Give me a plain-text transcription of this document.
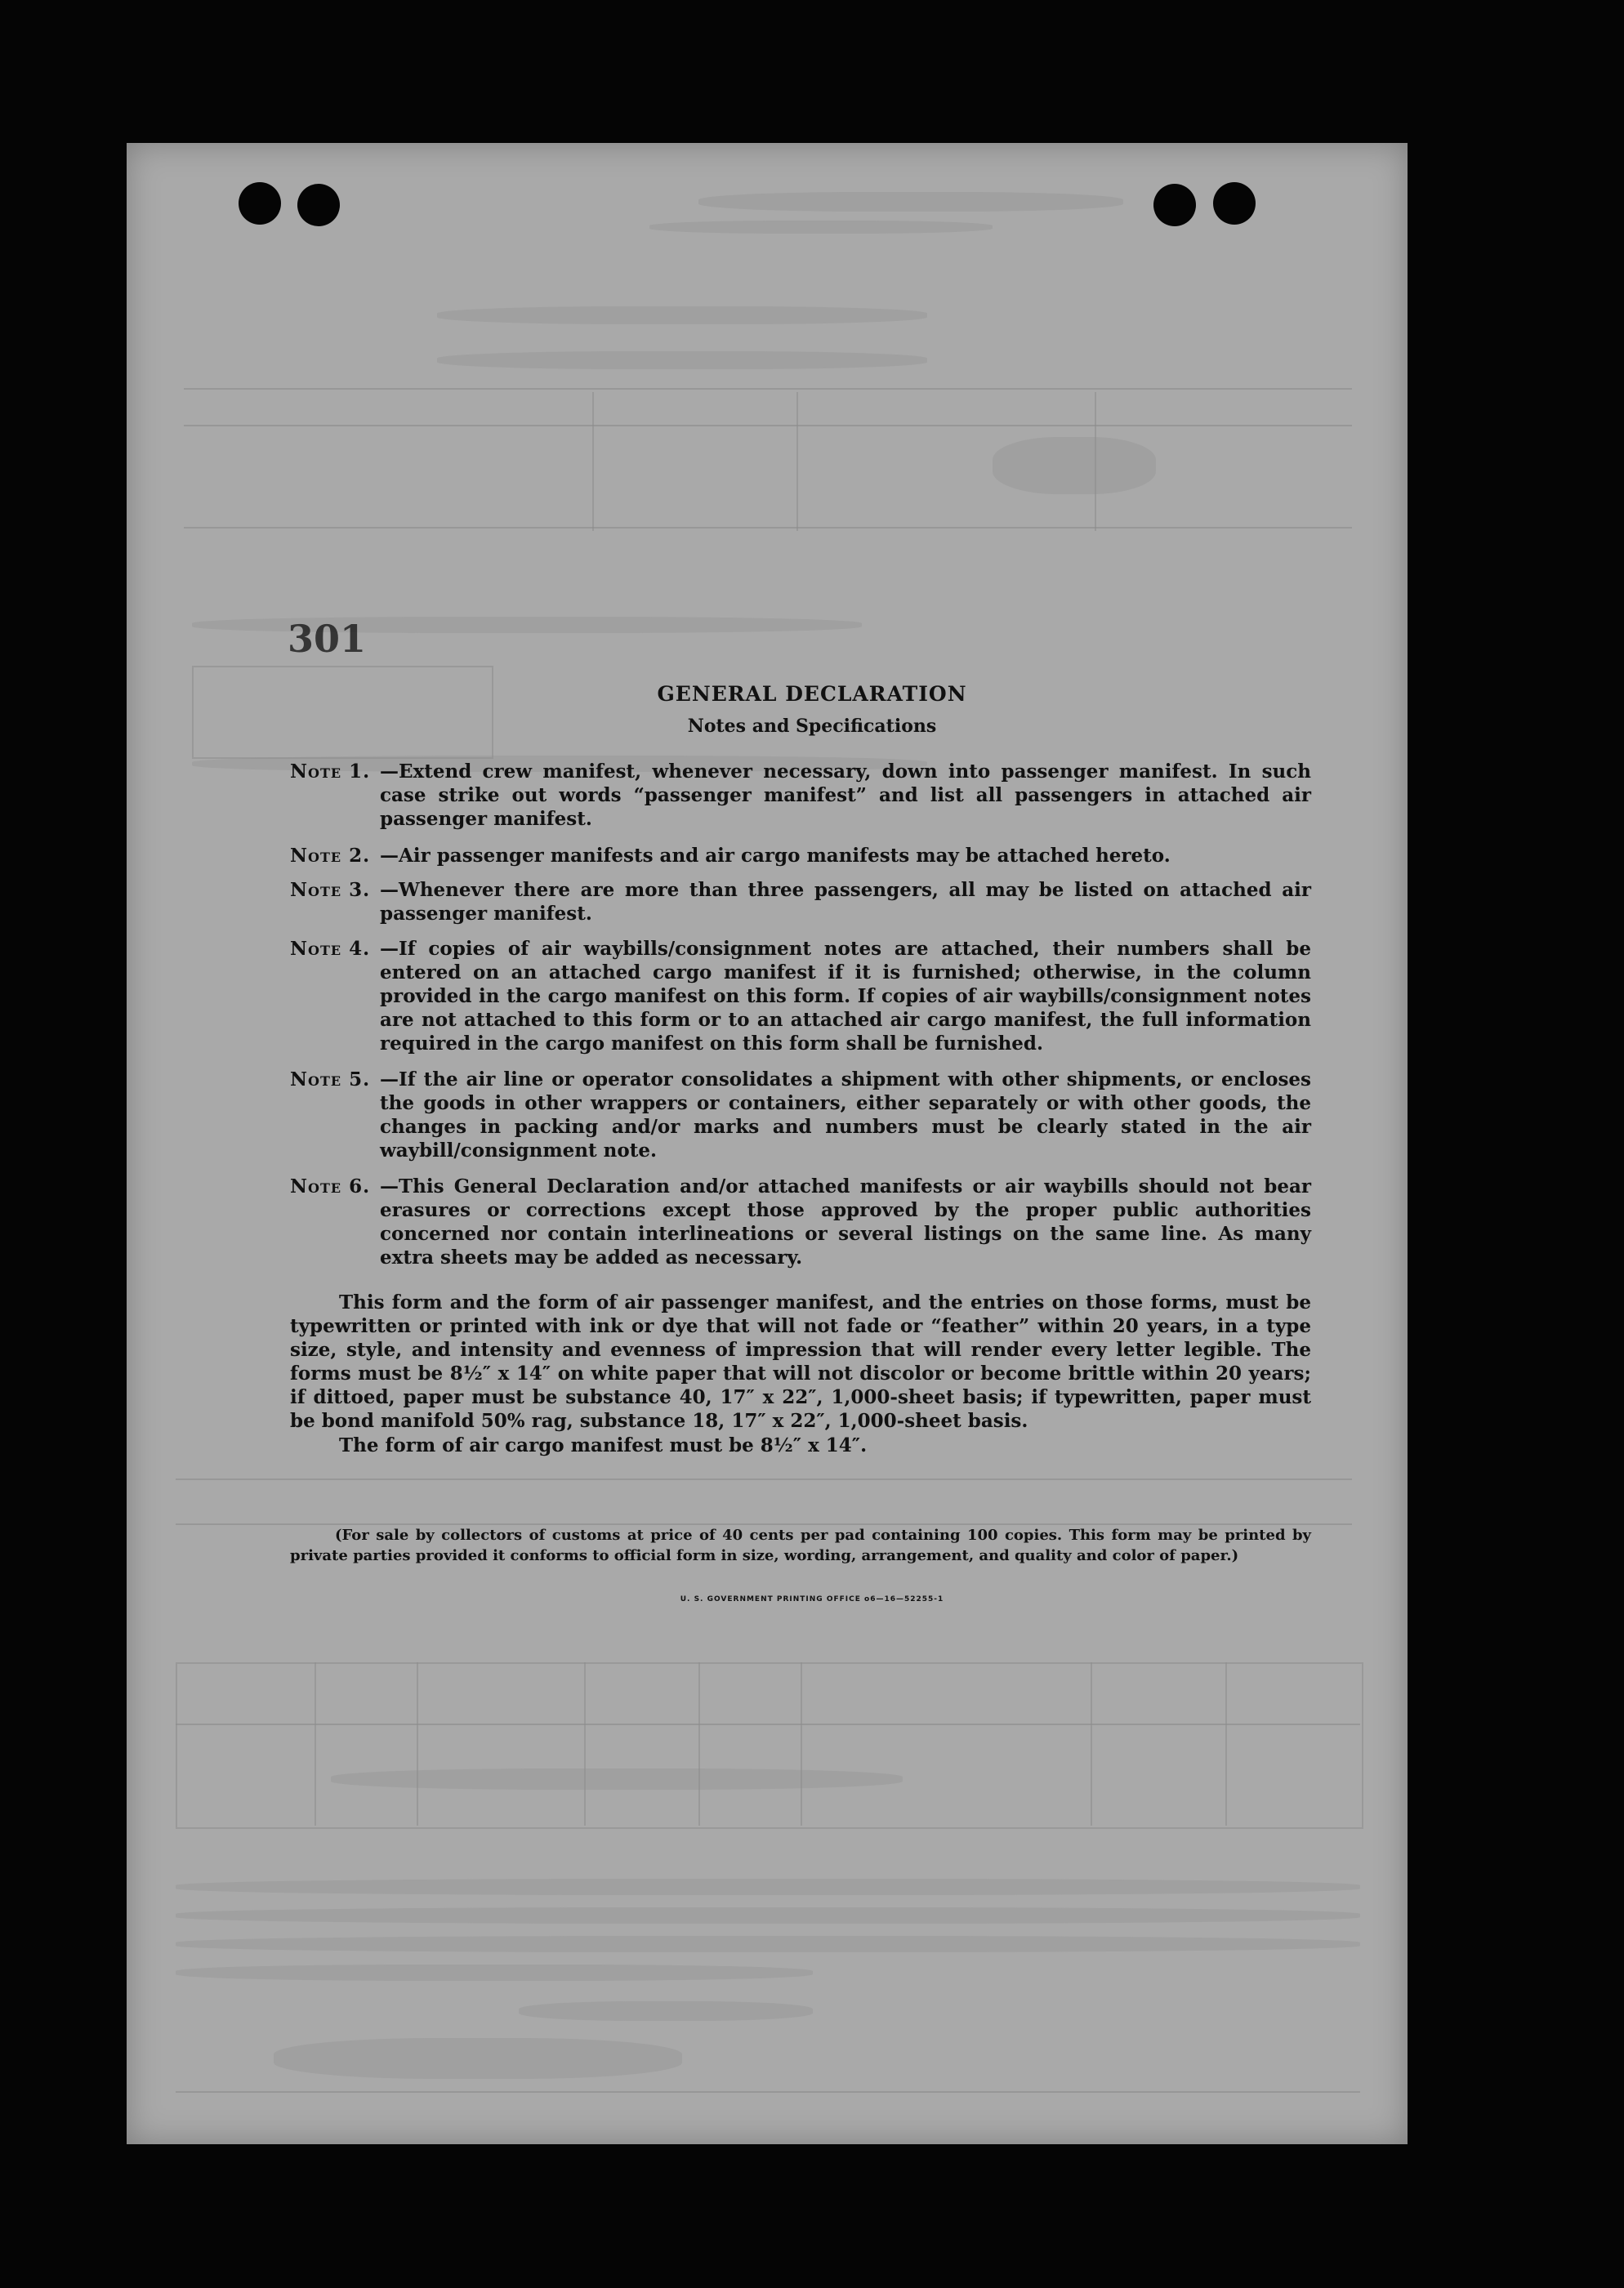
301
GENERAL DECLARATION
Notes and Specifications
Note 1. —Extend crew manifest, whenever necessary, down into passenger manifest. In such case strike out words “passenger manifest” and list all passengers in attached air passenger manifest.
Note 2. —Air passenger manifests and air cargo manifests may be attached hereto.
Note 3. —Whenever there are more than three passengers, all may be listed on attached air passenger manifest.
Note 4. —If copies of air waybills/consignment notes are attached, their numbers shall be entered on an attached cargo manifest if it is furnished; otherwise, in the column provided in the cargo manifest on this form. If copies of air waybills/consignment notes are not attached to this form or to an attached air cargo manifest, the full information required in the cargo manifest on this form shall be furnished.
Note 5. —If the air line or operator consolidates a shipment with other shipments, or encloses the goods in other wrappers or containers, either separately or with other goods, the changes in packing and/or marks and numbers must be clearly stated in the air waybill/consignment note.
Note 6. —This General Declaration and/or attached manifests or air waybills should not bear erasures or corrections except those approved by the proper public authorities concerned nor contain interlineations or several listings on the same line. As many extra sheets may be added as necessary.
This form and the form of air passenger manifest, and the entries on those forms, must be typewritten or printed with ink or dye that will not fade or “feather” within 20 years, in a type size, style, and intensity and evenness of impression that will render every letter legible. The forms must be 8½″ x 14″ on white paper that will not discolor or become brittle within 20 years; if dittoed, paper must be substance 40, 17″ x 22″, 1,000-sheet basis; if typewritten, paper must be bond manifold 50% rag, substance 18, 17″ x 22″, 1,000-sheet basis.
The form of air cargo manifest must be 8½″ x 14″.
(For sale by collectors of customs at price of 40 cents per pad containing 100 copies. This form may be printed by private parties provided it conforms to official form in size, wording, arrangement, and quality and color of paper.)
U. S. GOVERNMENT PRINTING OFFICE o6—16—52255-1
